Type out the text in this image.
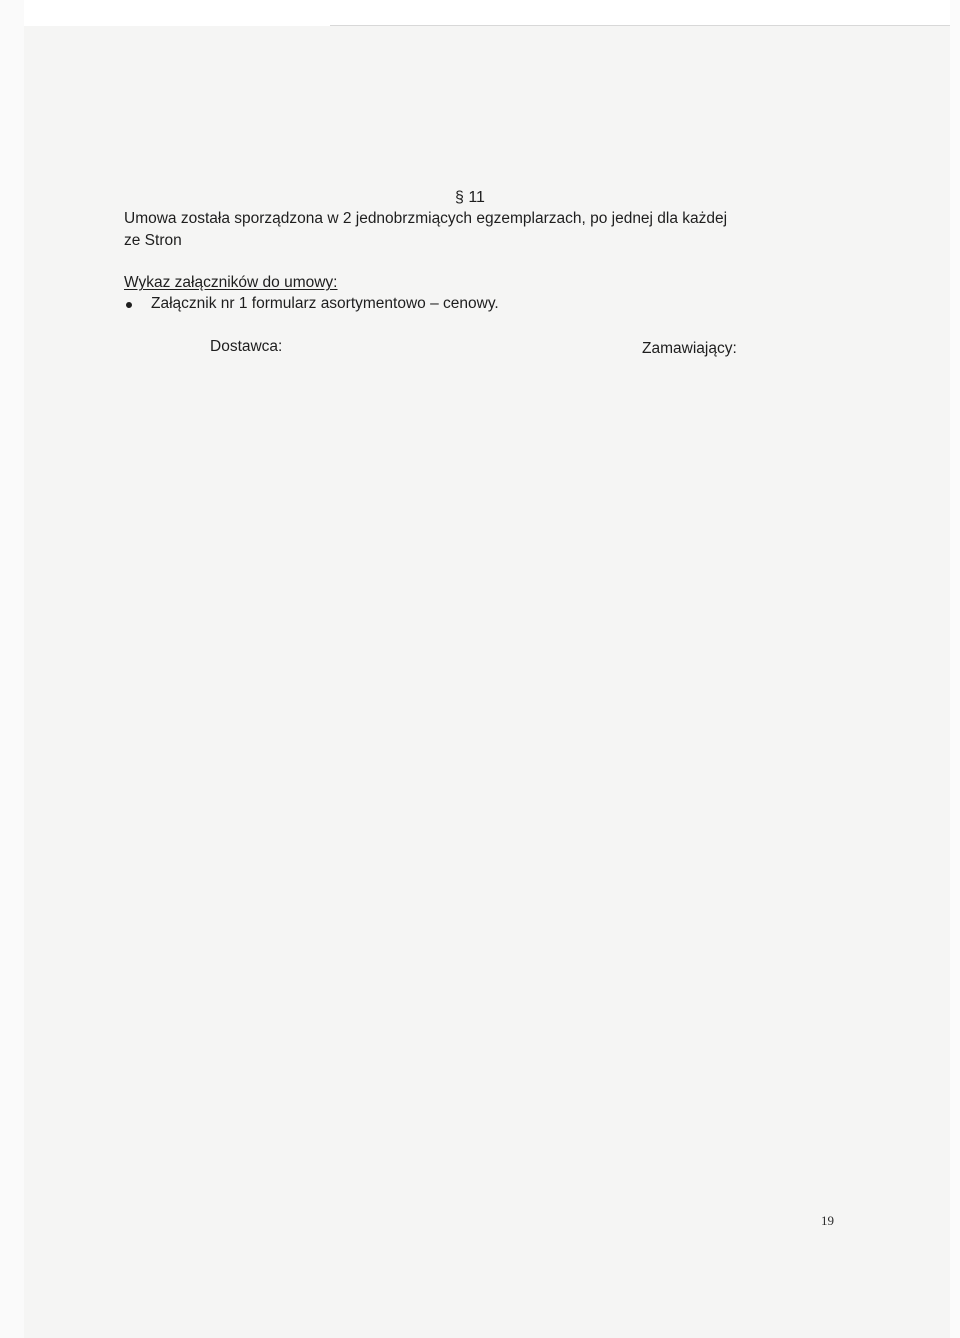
§ 11

Umowa została sporządzona w 2 jednobrzmiących egzemplarzach, po jednej dla każdej

ze Stron

Wykaz załączników do umowy:

Załącznik nr 1 formularz asortymentowo – cenowy.

Dostawca:	Zamawiający:

19
